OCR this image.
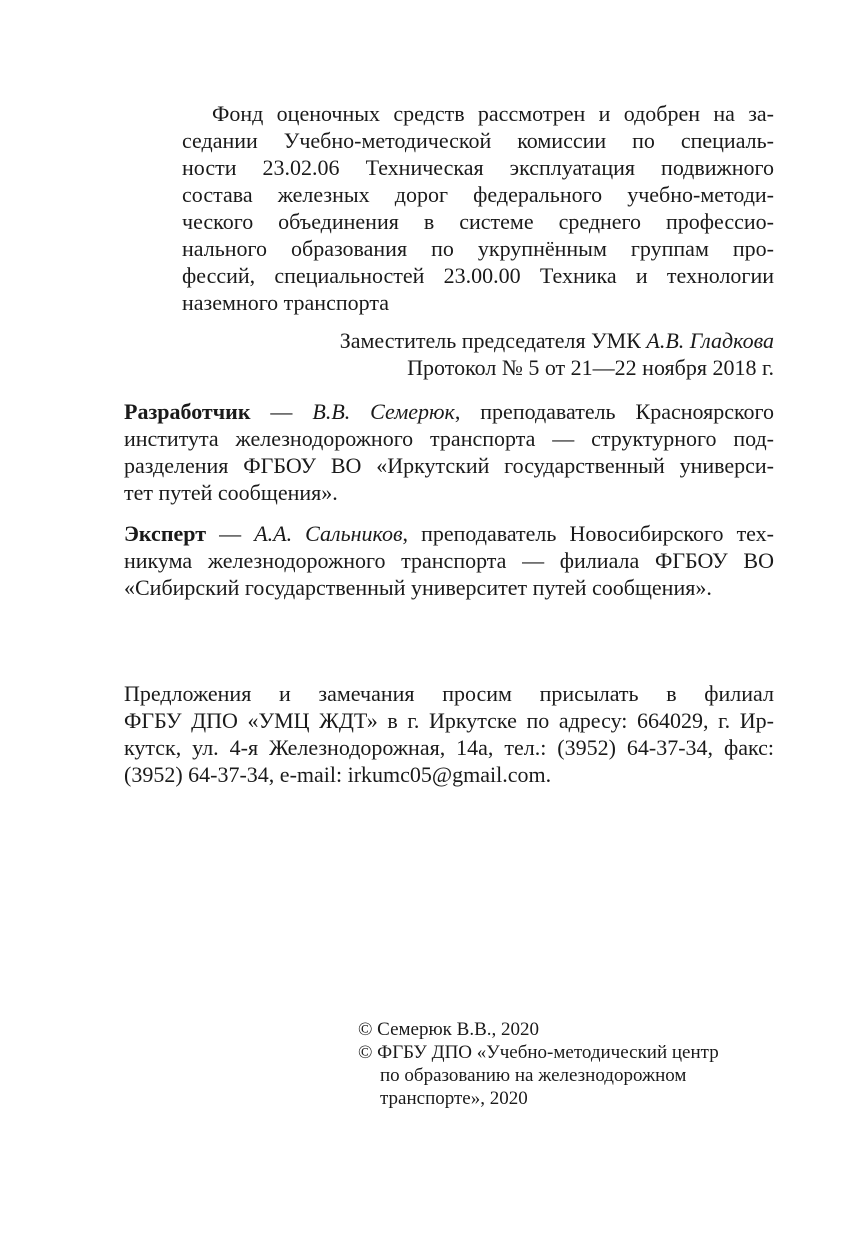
Фонд оценочных средств рассмотрен и одобрен на за-
седании Учебно-методической комиссии по специаль-
ности 23.02.06 Техническая эксплуатация подвижного
состава железных дорог федерального учебно-методи-
ческого объединения в системе среднего профессио-
нального образования по укрупнённым группам про-
фессий, специальностей 23.00.00 Техника и технологии
наземного транспорта
Заместитель председателя УМК А.В. Гладкова
Протокол № 5 от 21—22 ноября 2018 г.
Разработчик — В.В. Семерюк, преподаватель Красноярского
института железнодорожного транспорта — структурного под-
разделения ФГБОУ ВО «Иркутский государственный универси-
тет путей сообщения».
Эксперт — А.А. Сальников, преподаватель Новосибирского тех-
никума железнодорожного транспорта — филиала ФГБОУ ВО
«Сибирский государственный университет путей сообщения».
Предложения и замечания просим присылать в филиал
ФГБУ ДПО «УМЦ ЖДТ» в г. Иркутске по адресу: 664029, г. Ир-
кутск, ул. 4-я Железнодорожная, 14а, тел.: (3952) 64-37-34, факс:
(3952) 64-37-34, e-mail: irkumc05@gmail.com.
© Семерюк В.В., 2020
© ФГБУ ДПО «Учебно-методический центр
по образованию на железнодорожном
транспорте», 2020
